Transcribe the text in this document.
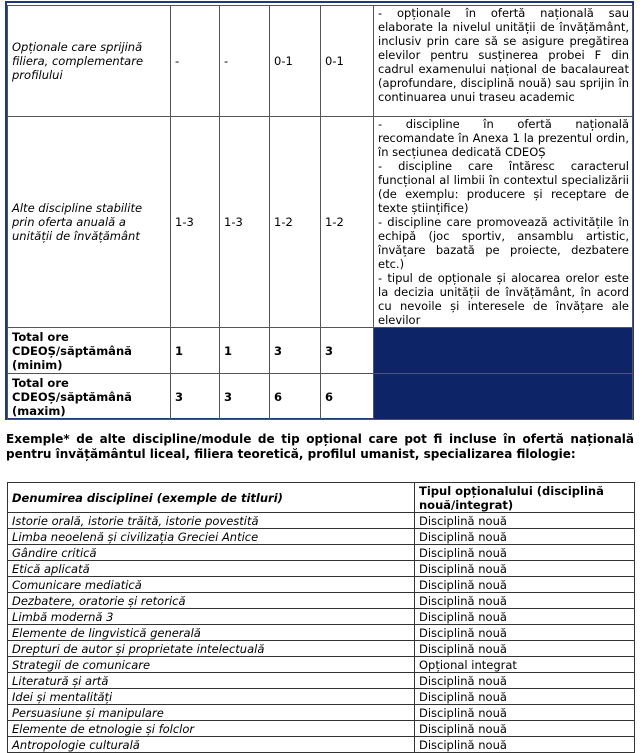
Opționale care sprijină filiera, complementare profilului	-	-	0-1	0-1	- opționale în ofertă națională sau elaborate la nivelul unității de învățământ, inclusiv prin care să se asigure pregătirea elevilor pentru susținerea probei F din cadrul examenului național de bacalaureat (aprofundare, disciplină nouă) sau sprijin în continuarea unui traseu academic

Alte discipline stabilite prin oferta anuală a unității de învățământ	1-3	1-3	1-2	1-2	- discipline în ofertă națională recomandate în Anexa 1 la prezentul ordin, în secțiunea dedicată CDEOȘ
- discipline care întăresc caracterul funcțional al limbii în contextul specializării (de exemplu: producere și receptare de texte științifice)
- discipline care promovează activitățile în echipă (joc sportiv, ansamblu artistic, învățare bazată pe proiecte, dezbatere etc.)
- tipul de opționale și alocarea orelor este la decizia unității de învățământ, în acord cu nevoile și interesele de învățare ale elevilor

Total ore CDEOȘ/săptămână (minim)	1	1	3	3	
Total ore CDEOȘ/săptămână (maxim)	3	3	6	6	
Exemple* de alte discipline/module de tip opțional care pot fi incluse în ofertă națională pentru învățământul liceal, filiera teoretică, profilul umanist, specializarea filologie:
Denumirea disciplinei (exemple de titluri)	Tipul opționalului (disciplină nouă/integrat)
Istorie orală, istorie trăită, istorie povestită	Disciplină nouă
Limba neoelenă și civilizația Greciei Antice	Disciplină nouă
Gândire critică	Disciplină nouă
Etică aplicată	Disciplină nouă
Comunicare mediatică	Disciplină nouă
Dezbatere, oratorie și retorică	Disciplină nouă
Limbă modernă 3	Disciplină nouă
Elemente de lingvistică generală	Disciplină nouă
Drepturi de autor și proprietate intelectuală	Disciplină nouă
Strategii de comunicare	Opțional integrat
Literatură și artă	Disciplină nouă
Idei și mentalități	Disciplină nouă
Persuasiune și manipulare	Disciplină nouă
Elemente de etnologie și folclor	Disciplină nouă
Antropologie culturală	Disciplină nouă
